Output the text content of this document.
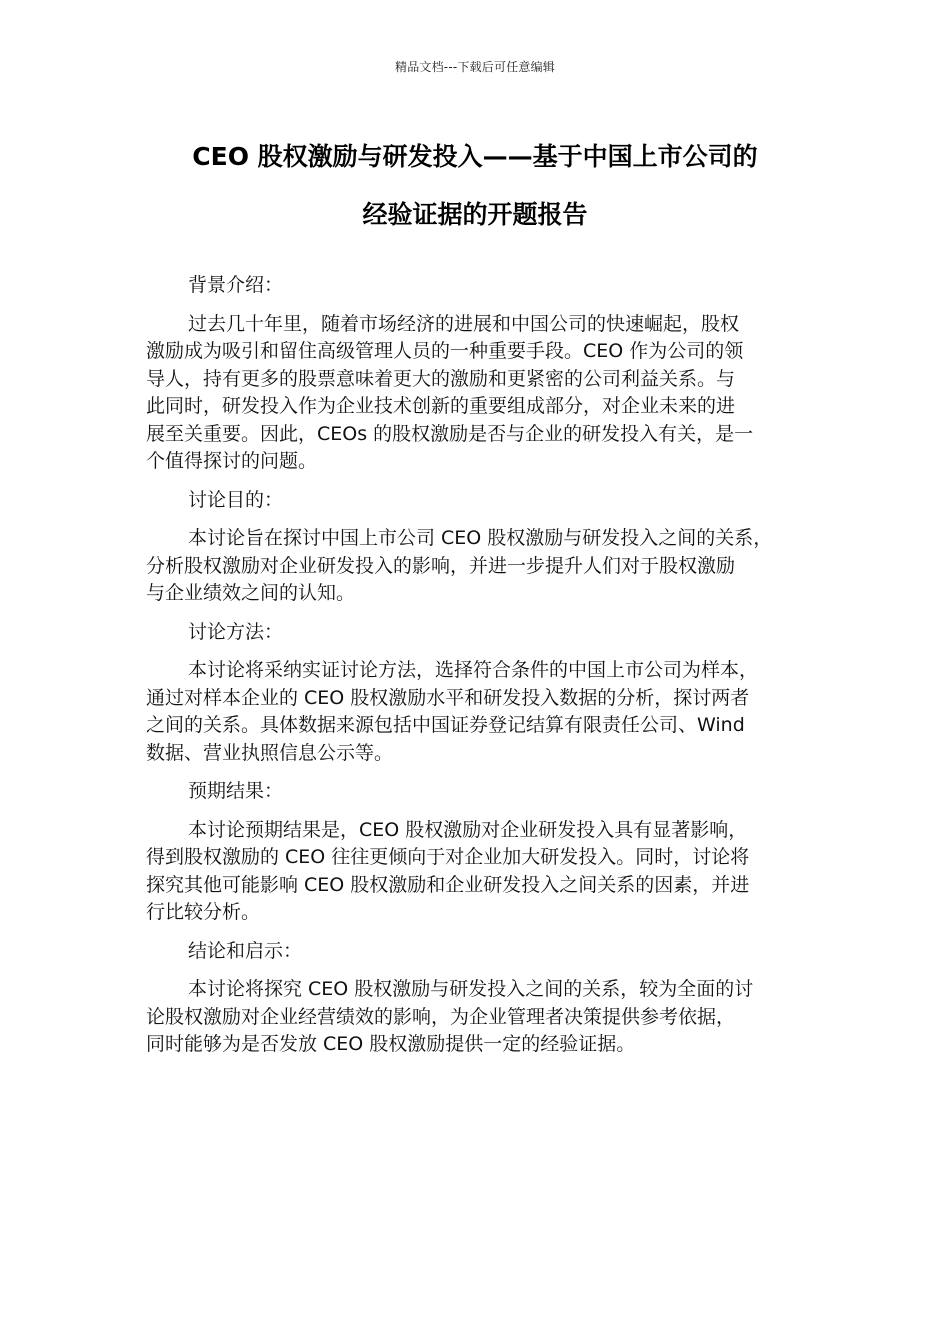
精品文档---下载后可任意编辑
CEO 股权激励与研发投入——基于中国上市公司的
经验证据的开题报告
背景介绍：
过去几十年里，随着市场经济的进展和中国公司的快速崛起，股权
激励成为吸引和留住高级管理人员的一种重要手段。CEO 作为公司的领
导人，持有更多的股票意味着更大的激励和更紧密的公司利益关系。与
此同时，研发投入作为企业技术创新的重要组成部分，对企业未来的进
展至关重要。因此，CEOs 的股权激励是否与企业的研发投入有关，是一
个值得探讨的问题。
讨论目的：
本讨论旨在探讨中国上市公司 CEO 股权激励与研发投入之间的关系，
分析股权激励对企业研发投入的影响，并进一步提升人们对于股权激励
与企业绩效之间的认知。
讨论方法：
本讨论将采纳实证讨论方法，选择符合条件的中国上市公司为样本，
通过对样本企业的 CEO 股权激励水平和研发投入数据的分析，探讨两者
之间的关系。具体数据来源包括中国证券登记结算有限责任公司、Wind
数据、营业执照信息公示等。
预期结果：
本讨论预期结果是，CEO 股权激励对企业研发投入具有显著影响，
得到股权激励的 CEO 往往更倾向于对企业加大研发投入。同时，讨论将
探究其他可能影响 CEO 股权激励和企业研发投入之间关系的因素，并进
行比较分析。
结论和启示：
本讨论将探究 CEO 股权激励与研发投入之间的关系，较为全面的讨
论股权激励对企业经营绩效的影响，为企业管理者决策提供参考依据，
同时能够为是否发放 CEO 股权激励提供一定的经验证据。
